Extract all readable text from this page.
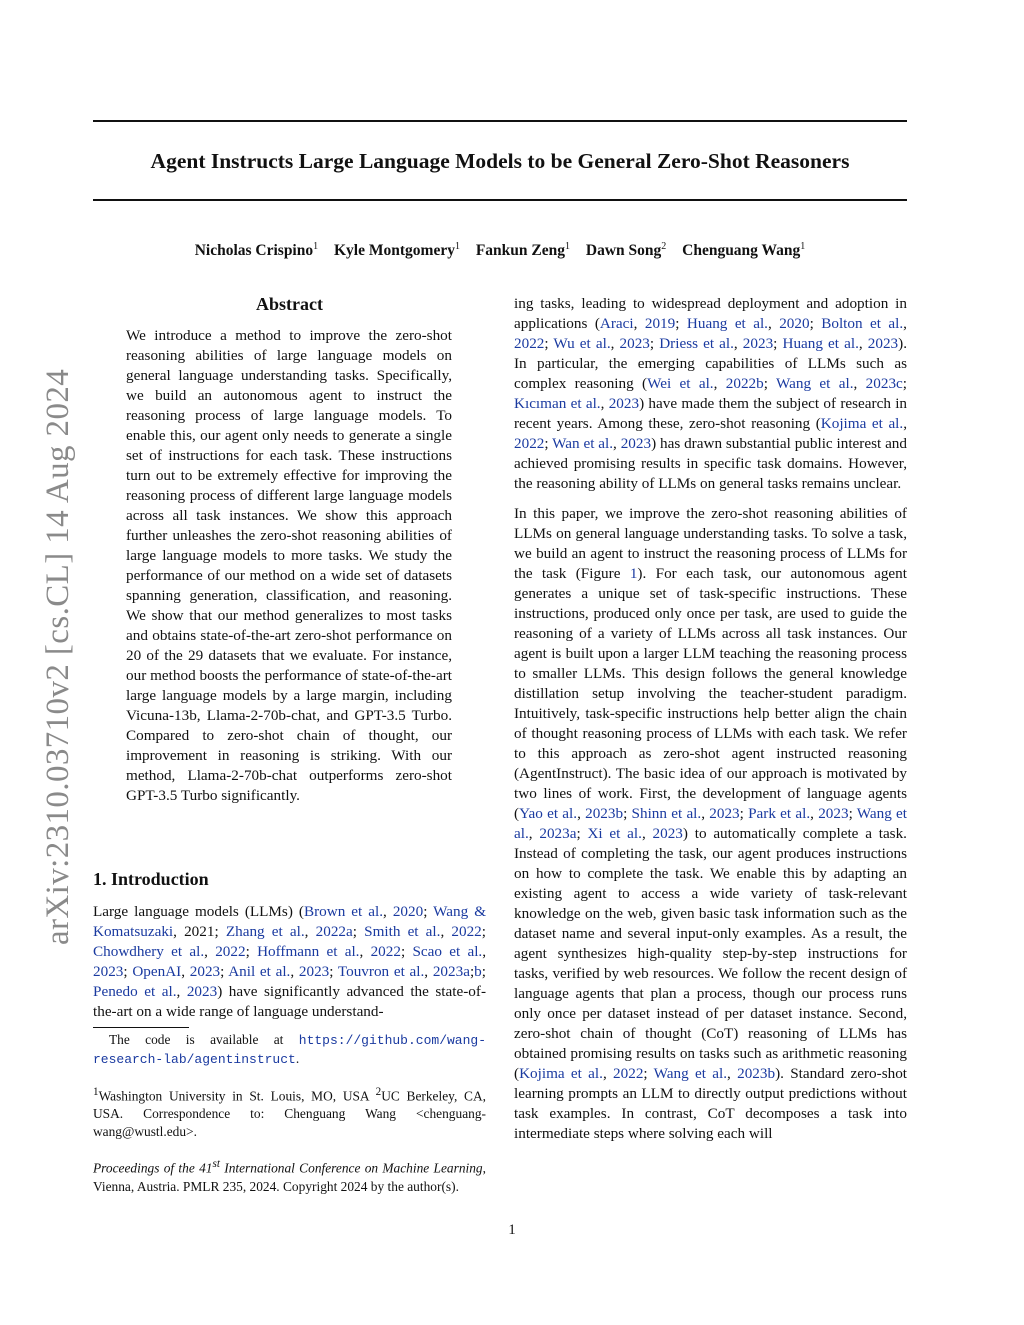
Agent Instructs Large Language Models to be General Zero-Shot Reasoners
Nicholas Crispino$^1$ Kyle Montgomery$^1$ Fankun Zeng$^1$ Dawn Song$^2$ Chenguang Wang$^1$
arXiv:2310.03710v2 [cs.CL] 14 Aug 2024
Abstract

We introduce a method to improve the zero-shot reasoning abilities of large language models on general language understanding tasks. Specifically, we build an autonomous agent to instruct the reasoning process of large language models. To enable this, our agent only needs to generate a single set of instructions for each task. These instructions turn out to be extremely effective for improving the reasoning process of different large language models across all task instances. We show this approach further unleashes the zero-shot reasoning abilities of large language models to more tasks. We study the performance of our method on a wide set of datasets spanning generation, classification, and reasoning. We show that our method generalizes to most tasks and obtains state-of-the-art zero-shot performance on 20 of the 29 datasets that we evaluate. For instance, our method boosts the performance of state-of-the-art large language models by a large margin, including Vicuna-13b, Llama-2-70b-chat, and GPT-3.5 Turbo. Compared to zero-shot chain of thought, our improvement in reasoning is striking. With our method, Llama-2-70b-chat outperforms zero-shot GPT-3.5 Turbo significantly.

1. Introduction

Large language models (LLMs) (Brown et al., 2020; Wang & Komatsuzaki, 2021; Zhang et al., 2022a; Smith et al., 2022; Chowdhery et al., 2022; Hoffmann et al., 2022; Scao et al., 2023; OpenAI, 2023; Anil et al., 2023; Touvron et al., 2023a;b; Penedo et al., 2023) have significantly advanced the state-of-the-art on a wide range of language understand-

The code is available at https://github.com/wang-research-lab/agentinstruct.

$^1$Washington University in St. Louis, MO, USA $^2$UC Berkeley, CA, USA. Correspondence to: Chenguang Wang <chenguang-wang@wustl.edu>.

Proceedings of the 41st International Conference on Machine Learning, Vienna, Austria. PMLR 235, 2024. Copyright 2024 by the author(s).

ing tasks, leading to widespread deployment and adoption in applications (Araci, 2019; Huang et al., 2020; Bolton et al., 2022; Wu et al., 2023; Driess et al., 2023; Huang et al., 2023). In particular, the emerging capabilities of LLMs such as complex reasoning (Wei et al., 2022b; Wang et al., 2023c; Kıcıman et al., 2023) have made them the subject of research in recent years. Among these, zero-shot reasoning (Kojima et al., 2022; Wan et al., 2023) has drawn substantial public interest and achieved promising results in specific task domains. However, the reasoning ability of LLMs on general tasks remains unclear.

In this paper, we improve the zero-shot reasoning abilities of LLMs on general language understanding tasks. To solve a task, we build an agent to instruct the reasoning process of LLMs for the task (Figure 1). For each task, our autonomous agent generates a unique set of task-specific instructions. These instructions, produced only once per task, are used to guide the reasoning of a variety of LLMs across all task instances. Our agent is built upon a larger LLM teaching the reasoning process to smaller LLMs. This design follows the general knowledge distillation setup involving the teacher-student paradigm. Intuitively, task-specific instructions help better align the chain of thought reasoning process of LLMs with each task. We refer to this approach as zero-shot agent instructed reasoning (AgentInstruct). The basic idea of our approach is motivated by two lines of work. First, the development of language agents (Yao et al., 2023b; Shinn et al., 2023; Park et al., 2023; Wang et al., 2023a; Xi et al., 2023) to automatically complete a task. Instead of completing the task, our agent produces instructions on how to complete the task. We enable this by adapting an existing agent to access a wide variety of task-relevant knowledge on the web, given basic task information such as the dataset name and several input-only examples. As a result, the agent synthesizes high-quality step-by-step instructions for tasks, verified by web resources. We follow the recent design of language agents that plan a process, though our process runs only once per dataset instead of per dataset instance. Second, zero-shot chain of thought (CoT) reasoning of LLMs has obtained promising results on tasks such as arithmetic reasoning (Kojima et al., 2022; Wang et al., 2023b). Standard zero-shot learning prompts an LLM to directly output predictions without task examples. In contrast, CoT decomposes a task into intermediate steps where solving each will

1
